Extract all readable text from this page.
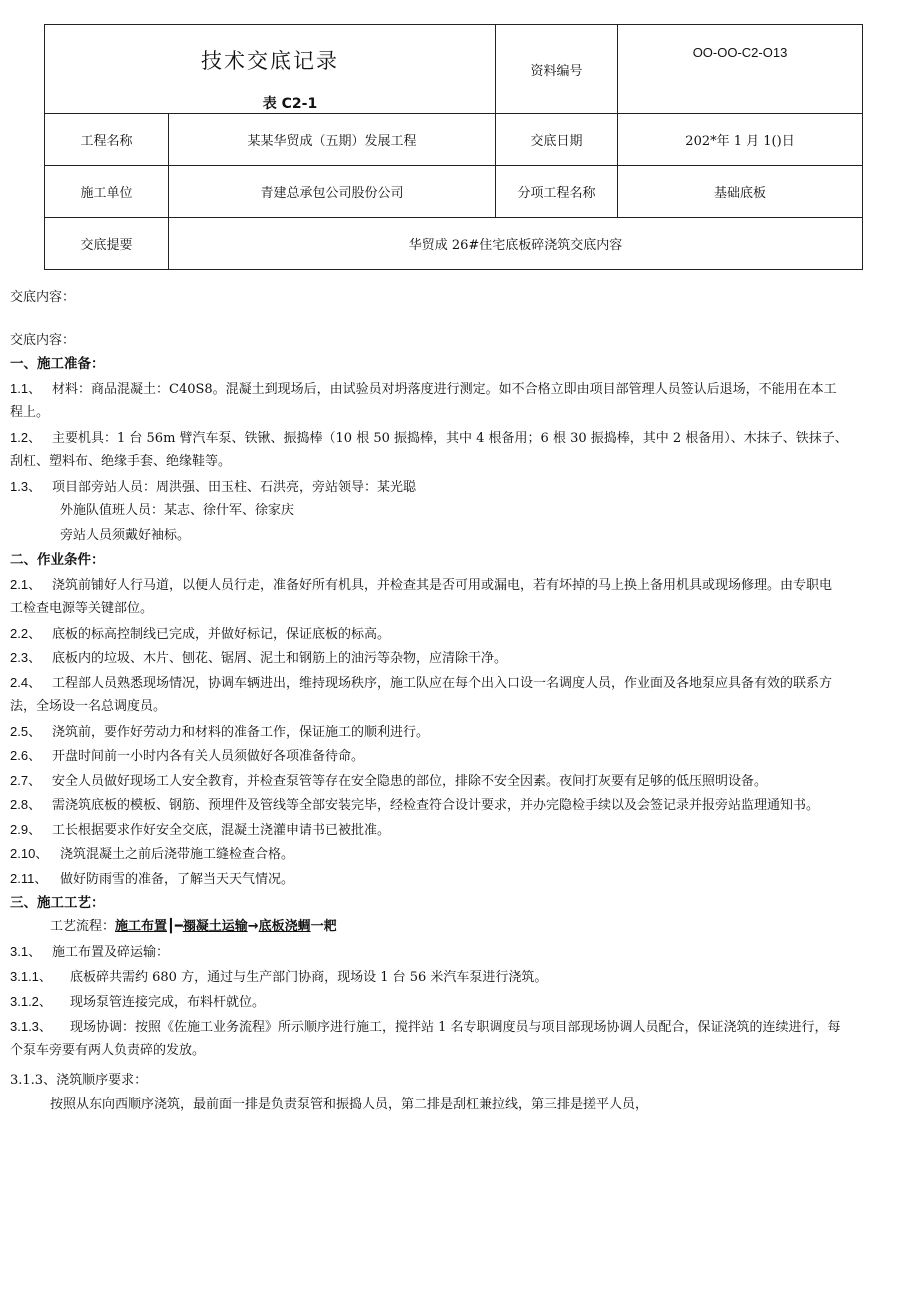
技术交底记录
表 C2-1		资料编号	OO-OO-C2-O13

工程名称	某某华贸成（五期）发展工程	交底日期	202*年 1 月 1()日
施工单位	青建总承包公司股份公司	分项工程名称	基础底板
交底提要	华贸成 26#住宅底板碎浇筑交底内容		
交底内容：
交底内容：
一、施工准备：
1.1、 材料：商品混凝土：C40S8。混凝土到现场后，由试验员对坍落度进行测定。如不合格立即由项目部管理人员签认后退场，不能用在本工
程上。
1.2、 主要机具：1 台 56m 臂汽车泵、铁锹、振捣棒（10 根 50 振捣棒，其中 4 根备用；6 根 30 振捣棒，其中 2 根备用）、木抹子、铁抹子、
刮杠、塑料布、绝缘手套、绝缘鞋等。
1.3、 项目部旁站人员：周洪强、田玉柱、石洪亮，旁站领导：某光聪
外施队值班人员：某志、徐什军、徐家庆
旁站人员须戴好袖标。
二、作业条件：
2.1、 浇筑前铺好人行马道，以便人员行走，准备好所有机具，并检查其是否可用或漏电，若有坏掉的马上换上备用机具或现场修理。由专职电
工检查电源等关键部位。
2.2、 底板的标高控制线已完成，并做好标记，保证底板的标高。
2.3、 底板内的垃圾、木片、刨花、锯屑、泥土和钢筋上的油污等杂物，应清除干净。
2.4、 工程部人员熟悉现场情况，协调车辆进出，维持现场秩序，施工队应在每个出入口设一名调度人员，作业面及各地泵应具备有效的联系方
法，全场设一名总调度员。
2.5、 浇筑前，要作好劳动力和材料的准备工作，保证施工的顺利进行。
2.6、 开盘时间前一小时内各有关人员须做好各项准备待命。
2.7、 安全人员做好现场工人安全教育，并检查泵管等存在安全隐患的部位，排除不安全因素。夜间打灰要有足够的低压照明设备。
2.8、 需浇筑底板的模板、钢筋、预埋件及管线等全部安装完毕，经检查符合设计要求，并办完隐检手续以及会签记录并报旁站监理通知书。
2.9、 工长根据要求作好安全交底，混凝土浇灌申请书已被批准。
2.10、 浇筑混凝土之前后浇带施工缝检查合格。
2.11、 做好防雨雪的准备，了解当天天气情况。
三、施工工艺：
工艺流程：施工布置┃━禤凝土运输→底板浇蜩一耙
3.1、 施工布置及碎运输：
3.1.1、 底板碎共需约 680 方，通过与生产部门协商，现场设 1 台 56 米汽车泵进行浇筑。
3.1.2、 现场泵管连接完成，布料杆就位。
3.1.3、 现场协调：按照《佐施工业务流程》所示顺序进行施工，搅拌站 1 名专职调度员与项目部现场协调人员配合，保证浇筑的连续进行，每
个泵车旁要有两人负责碎的发放。
3.1.3、浇筑顺序要求：
按照从东向西顺序浇筑，最前面一排是负责泵管和振捣人员，第二排是刮杠兼拉线，第三排是搓平人员，
